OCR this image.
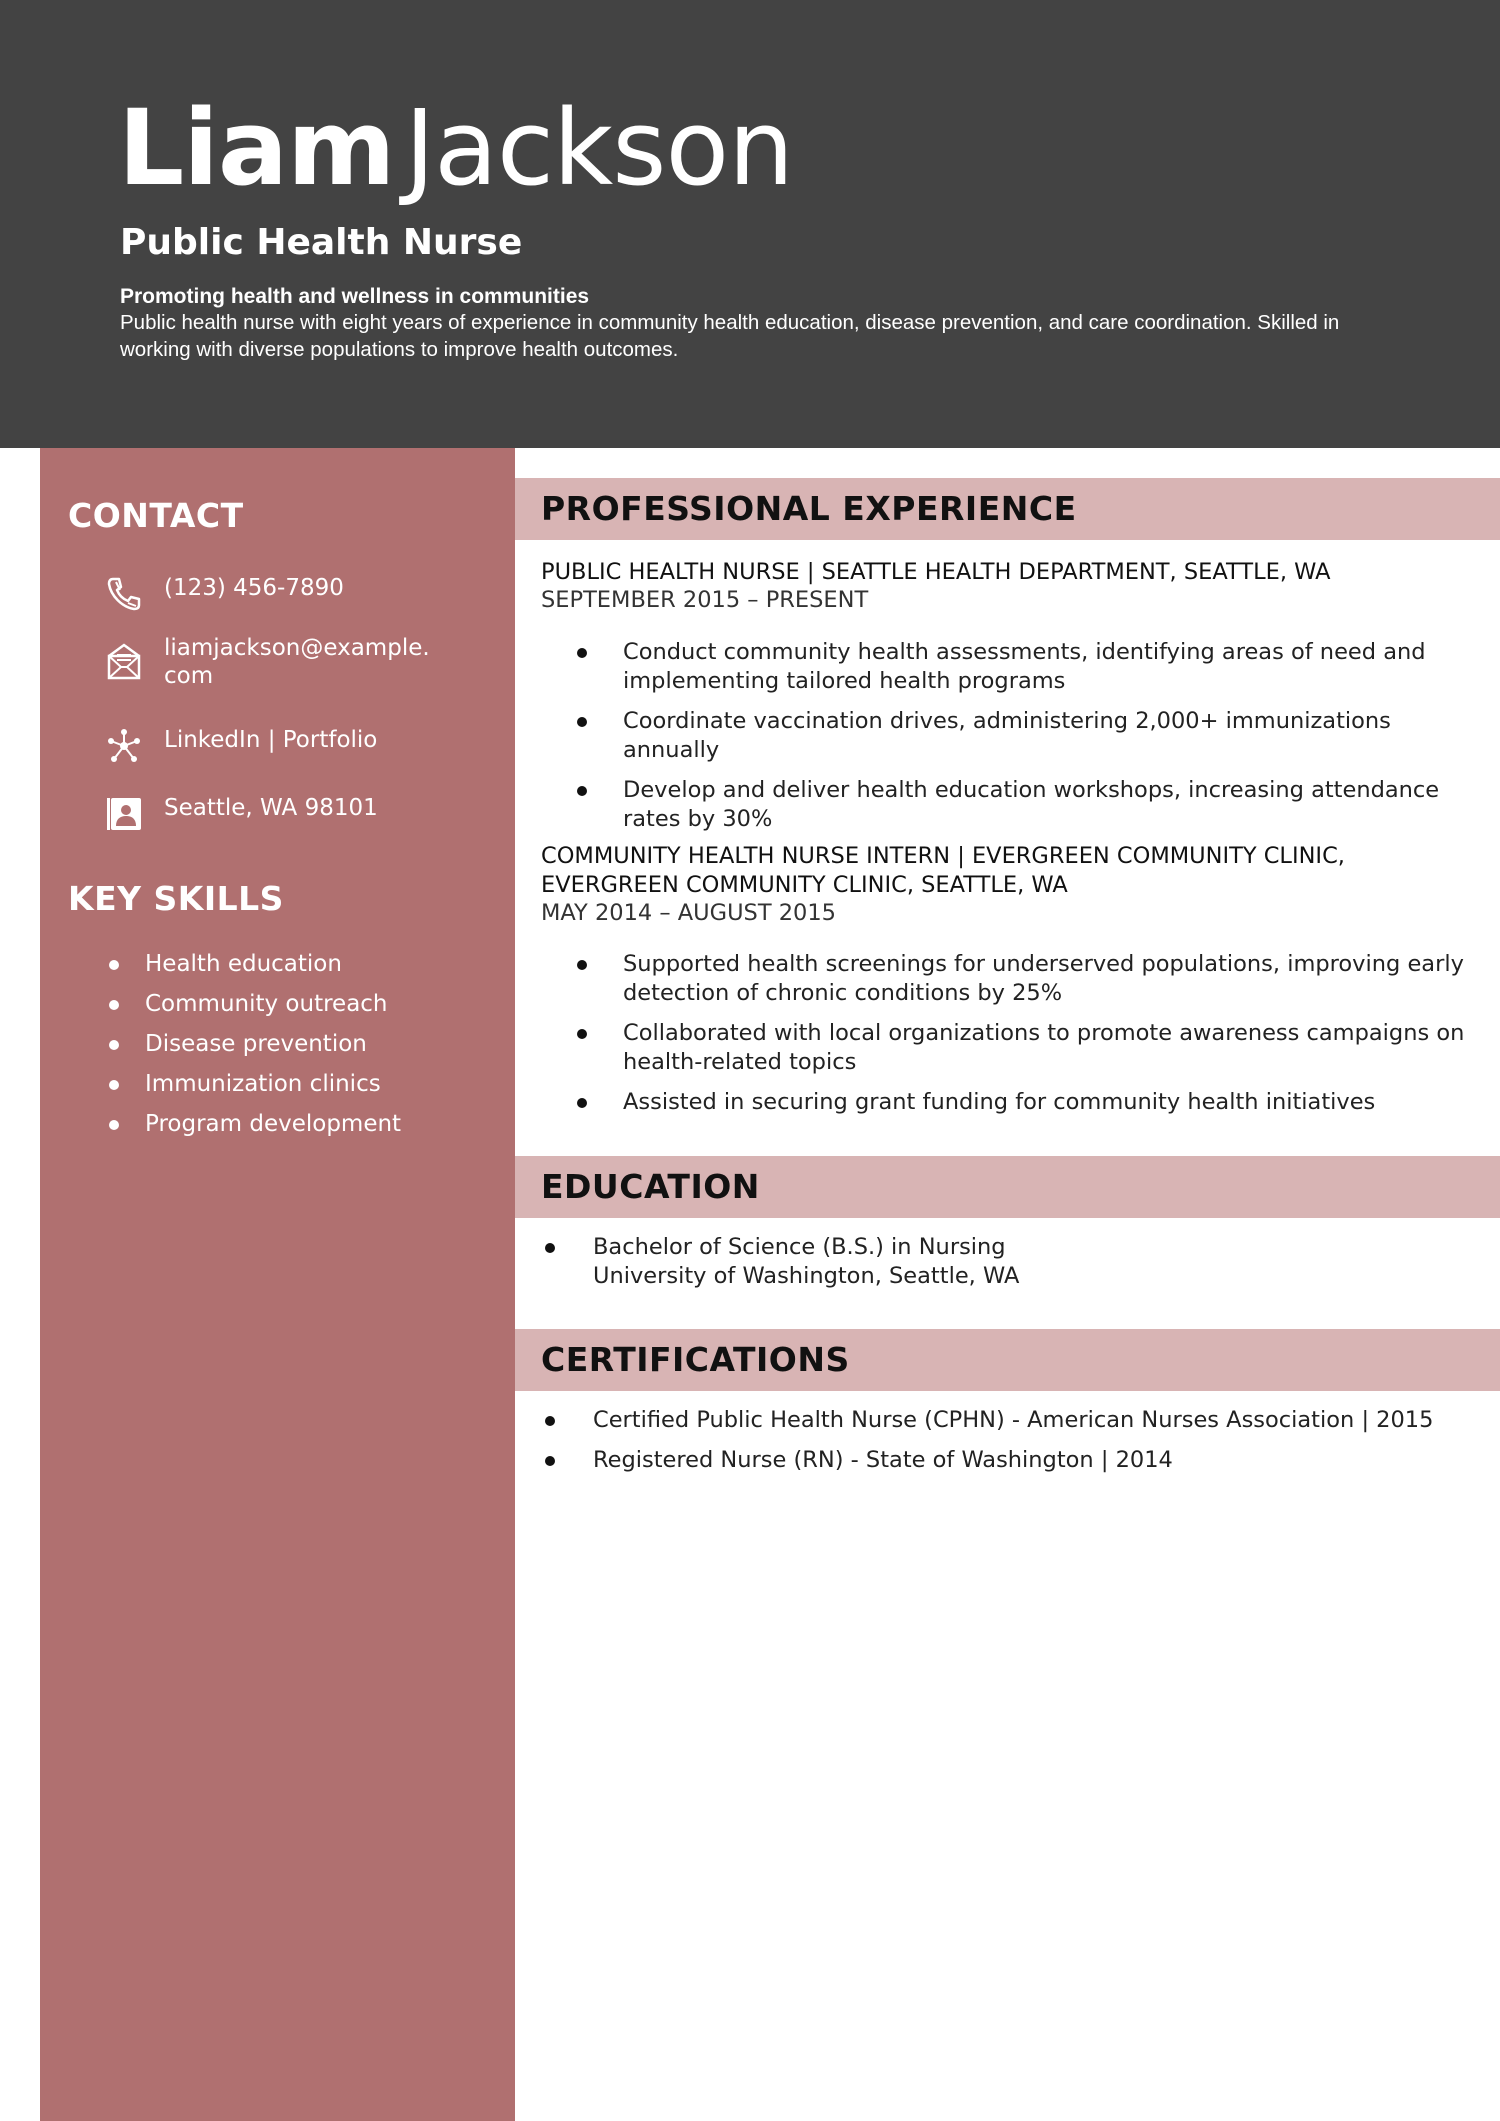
LiamJackson
Public Health Nurse
Promoting health and wellness in communities
Public health nurse with eight years of experience in community health education, disease prevention, and care coordination. Skilled in working with diverse populations to improve health outcomes.
CONTACT
(123) 456-7890
liamjackson@example.
com
LinkedIn | Portfolio
Seattle, WA 98101
KEY SKILLS
Health education
Community outreach
Disease prevention
Immunization clinics
Program development
PROFESSIONAL EXPERIENCE
PUBLIC HEALTH NURSE | SEATTLE HEALTH DEPARTMENT, SEATTLE, WA
SEPTEMBER 2015 – PRESENT
Conduct community health assessments, identifying areas of need and implementing tailored health programs
Coordinate vaccination drives, administering 2,000+ immunizations annually
Develop and deliver health education workshops, increasing attendance rates by 30%
COMMUNITY HEALTH NURSE INTERN | EVERGREEN COMMUNITY CLINIC, EVERGREEN COMMUNITY CLINIC, SEATTLE, WA
MAY 2014 – AUGUST 2015
Supported health screenings for underserved populations, improving early detection of chronic conditions by 25%
Collaborated with local organizations to promote awareness campaigns on health-related topics
Assisted in securing grant funding for community health initiatives
EDUCATION
Bachelor of Science (B.S.) in Nursing
University of Washington, Seattle, WA
CERTIFICATIONS
Certified Public Health Nurse (CPHN) - American Nurses Association | 2015
Registered Nurse (RN) - State of Washington | 2014
